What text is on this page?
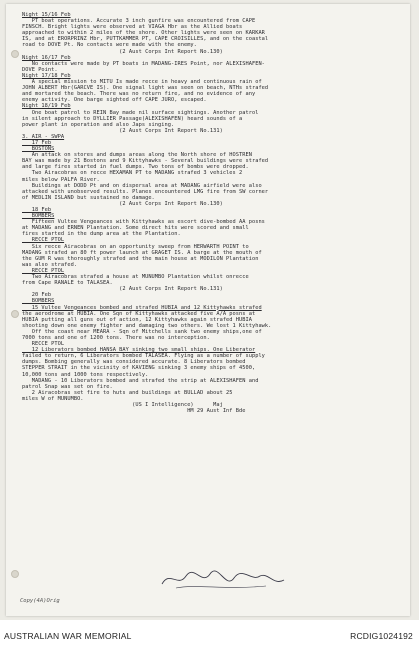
Night 15/16 Feb
PT boat operations. Accurate 3 inch gunfire was encountered from CAPE
FINSCH. Bright lights were observed at VIAGA Hbr as the Allied boats
approached to within 2 miles of the shore. Other lights were seen on KARKAR
IS, and at ERORPRINZ Hbr, PUTTKAMMER PT, CAPE CROISILLES, and on the coastal
road to DOVE Pt. No contacts were made with the enemy.
(2 Aust Corps Int Report No.130)
Night 16/17 Feb
No contacts were made by PT boats in MADANG-IRES Point, nor ALEXISHAFEN-
DOVE Point.
Night 17/18 Feb
A special mission to MITU Is made recce in heavy and continuous rain of
JOHN ALBERT Hbr(GARCVE IS). One signal light was seen on beach, NTHs strafed
and mortared the beach. There was no return fire, and no evidence of any
enemy activity. One barge sighted off CAPE JURO, escaped.
Night 18/19 Feb
One boat patrol to REIN Bay made nil surface sightings. Another patrol
in silent approach to DYLLIER Passage(ALEXISHAFEN) heard sounds of a
power plant in operation and also Japs singing.
(2 Aust Corps Int Report No.131)
3. AIR - SWPA
17 Feb
BOSTONS
An attack on stores and dumps areas along the North shore of HOSTREN
BAY was made by 21 Bostons and 9 Kittyhawks - Several buildings were strafed
and large fires started in fuel dumps. Two tons of bombs were dropped.
Two Airacobras on recce HEXAMAN PT to MADANG strafed 3 vehicles 2
miles below PALFA River.
Buildings at DODD Pt and on dispersal area at MADANG airfield were also
attacked with unobserved results. Planes encountered LMG fire from SW corner
of MEDLIN ISLAND but sustained no damage.
(2 Aust Corps Int Report No.130)
18 Feb
BOMBERS
Fifteen Vultee Vengeances with Kittyhawks as escort dive-bombed AA posns
at MADANG and ERNEN Plantation. Some direct hits were scored and small
fires started in the dump area at the Plantation.
RECCE PTOL
Six recce Airacobras on an opportunity sweep from HERWARTH POINT to
MADANG strafed an 80 ft power launch at GRAGET IS. A barge at the mouth of
the GUM R was thoroughly strafed and the main house at MODILON Plantation
was also strafed.
RECCE PTOL
Two Airacobras strafed a house at MUNUMBO Plantation whilst onrecce
from Cape RANALE to TALASEA.
(2 Aust Corps Int Report No.131)
20 Feb
BOMBERS
15 Vultee Vengeances bombed and strafed HUBIA and 12 Kittyhawks strafed
the aerodrome at HUBIA. One Sqn of Kittyhawks attacked five A/A posns at
HUBIA putting all guns out of action, 12 Kittyhawks again strafed HUBIA
shooting down one enemy fighter and damaging two others. We lost 1 Kittyhawk.
Off the coast near MEARA - Sqn of Mitchells sank two enemy ships,one of
7000 tons and one of 1200 tons. There was no interception.
RECCE PTOL
12 Liberators bombed HANSA BAY sinking two small ships. One Liberator
failed to return, 6 Liberators bombed TALASEA. Flying as a number of supply
dumps. Bombing generally was considered accurate. 8 Liberators bombed
STEPPER STRAIT in the vicinity of KAVIENG sinking 3 enemy ships of 4500,
10,000 tons and 1000 tons respectively.
MADANG - 10 Liberators bombed and strafed the strip at ALEXISHAFEN and
patrol Snap was set on fire.
2 Airacobras set fire to huts and buildings at BULLAD about 25
miles W of MUNUMBO.
(US I Intelligence)      Maj
HM 29 Aust Inf Bde
Copy(4A)Orig
AUSTRALIAN WAR MEMORIAL	RCDIG1024192
